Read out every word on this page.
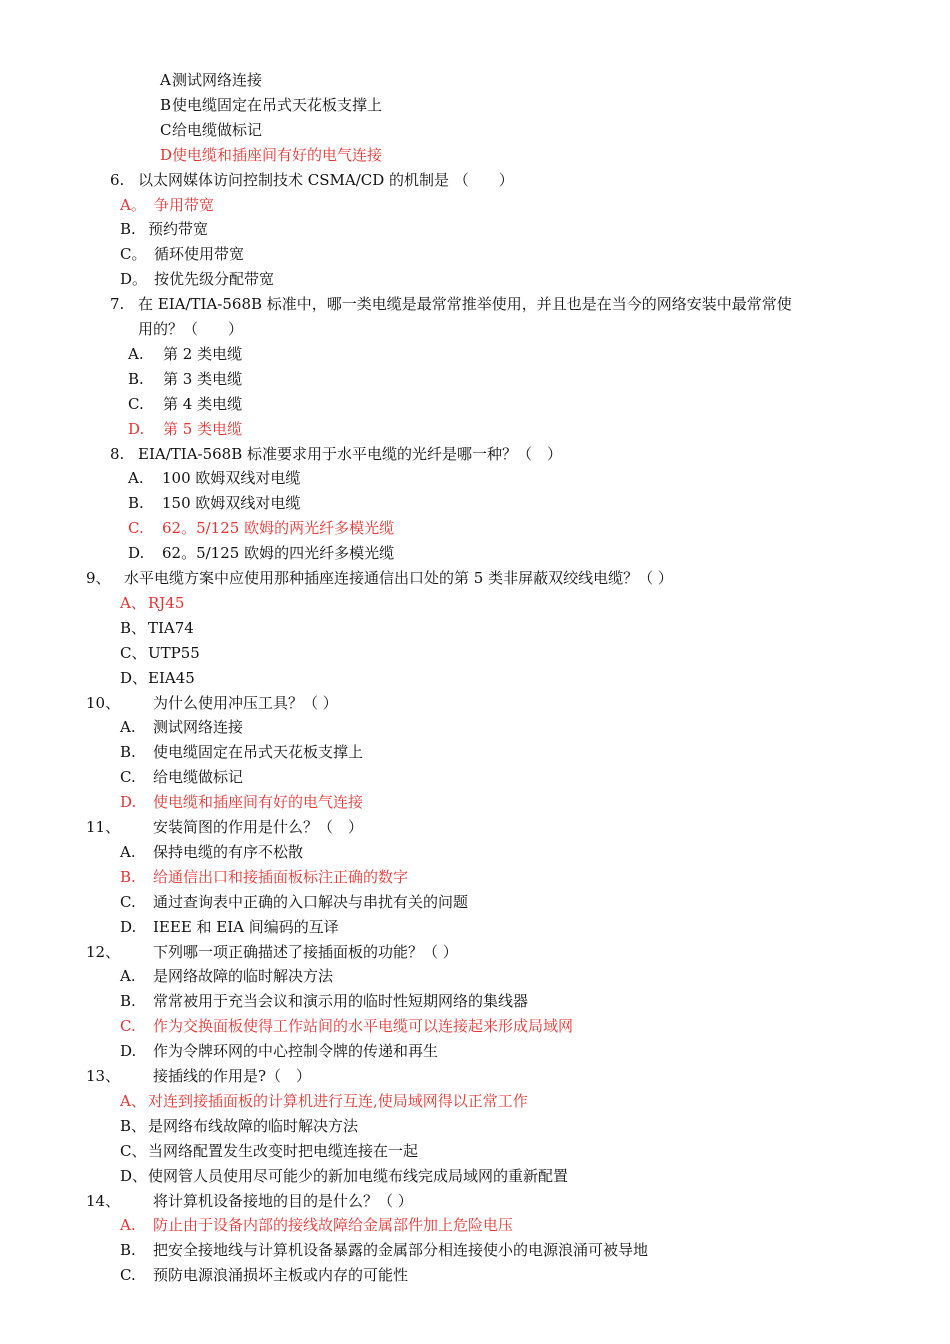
A 测试网络连接
B 使电缆固定在吊式天花板支撑上
C 给电缆做标记
D 使电缆和插座间有好的电气连接
6. 以太网媒体访问控制技术 CSMA/CD 的机制是 （　　）
A。 争用带宽
B. 预约带宽
C。 循环使用带宽
D。 按优先级分配带宽
7. 在 EIA/TIA-568B 标准中，哪一类电缆是最常常推举使用，并且也是在当今的网络安装中最常常使
用的？（　　）
A. 第 2 类电缆
B. 第 3 类电缆
C. 第 4 类电缆
D. 第 5 类电缆
8. EIA/TIA-568B 标准要求用于水平电缆的光纤是哪一种？（　）
A. 100 欧姆双线对电缆
B. 150 欧姆双线对电缆
C. 62。5/125 欧姆的两光纤多模光缆
D. 62。5/125 欧姆的四光纤多模光缆
9、 水平电缆方案中应使用那种插座连接通信出口处的第 5 类非屏蔽双绞线电缆？（ ）
A、 RJ45
B、 TIA74
C、 UTP55
D、 EIA45
10、 为什么使用冲压工具？（ ）
A. 测试网络连接
B. 使电缆固定在吊式天花板支撑上
C. 给电缆做标记
D. 使电缆和插座间有好的电气连接
11、 安装简图的作用是什么？（　）
A. 保持电缆的有序不松散
B. 给通信出口和接插面板标注正确的数字
C. 通过查询表中正确的入口解决与串扰有关的问题
D. IEEE 和 EIA 间编码的互译
12、 下列哪一项正确描述了接插面板的功能？（ ）
A. 是网络故障的临时解决方法
B. 常常被用于充当会议和演示用的临时性短期网络的集线器
C. 作为交换面板使得工作站间的水平电缆可以连接起来形成局域网
D. 作为令牌环网的中心控制令牌的传递和再生
13、 接插线的作用是?（　）
A、 对连到接插面板的计算机进行互连,使局域网得以正常工作
B、 是网络布线故障的临时解决方法
C、 当网络配置发生改变时把电缆连接在一起
D、 使网管人员使用尽可能少的新加电缆布线完成局域网的重新配置
14、 将计算机设备接地的目的是什么？（ ）
A. 防止由于设备内部的接线故障给金属部件加上危险电压
B. 把安全接地线与计算机设备暴露的金属部分相连接使小的电源浪涌可被导地
C. 预防电源浪涌损坏主板或内存的可能性
